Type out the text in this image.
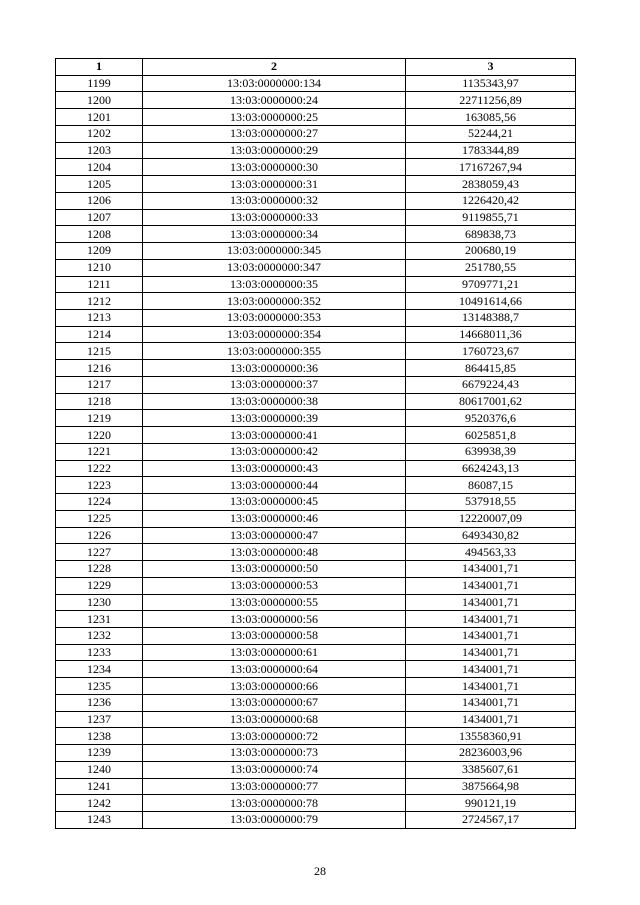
1	2	3
1199	13:03:0000000:134	1135343,97
1200	13:03:0000000:24	22711256,89
1201	13:03:0000000:25	163085,56
1202	13:03:0000000:27	52244,21
1203	13:03:0000000:29	1783344,89
1204	13:03:0000000:30	17167267,94
1205	13:03:0000000:31	2838059,43
1206	13:03:0000000:32	1226420,42
1207	13:03:0000000:33	9119855,71
1208	13:03:0000000:34	689838,73
1209	13:03:0000000:345	200680,19
1210	13:03:0000000:347	251780,55
1211	13:03:0000000:35	9709771,21
1212	13:03:0000000:352	10491614,66
1213	13:03:0000000:353	13148388,7
1214	13:03:0000000:354	14668011,36
1215	13:03:0000000:355	1760723,67
1216	13:03:0000000:36	864415,85
1217	13:03:0000000:37	6679224,43
1218	13:03:0000000:38	80617001,62
1219	13:03:0000000:39	9520376,6
1220	13:03:0000000:41	6025851,8
1221	13:03:0000000:42	639938,39
1222	13:03:0000000:43	6624243,13
1223	13:03:0000000:44	86087,15
1224	13:03:0000000:45	537918,55
1225	13:03:0000000:46	12220007,09
1226	13:03:0000000:47	6493430,82
1227	13:03:0000000:48	494563,33
1228	13:03:0000000:50	1434001,71
1229	13:03:0000000:53	1434001,71
1230	13:03:0000000:55	1434001,71
1231	13:03:0000000:56	1434001,71
1232	13:03:0000000:58	1434001,71
1233	13:03:0000000:61	1434001,71
1234	13:03:0000000:64	1434001,71
1235	13:03:0000000:66	1434001,71
1236	13:03:0000000:67	1434001,71
1237	13:03:0000000:68	1434001,71
1238	13:03:0000000:72	13558360,91
1239	13:03:0000000:73	28236003,96
1240	13:03:0000000:74	3385607,61
1241	13:03:0000000:77	3875664,98
1242	13:03:0000000:78	990121,19
1243	13:03:0000000:79	2724567,17
28
